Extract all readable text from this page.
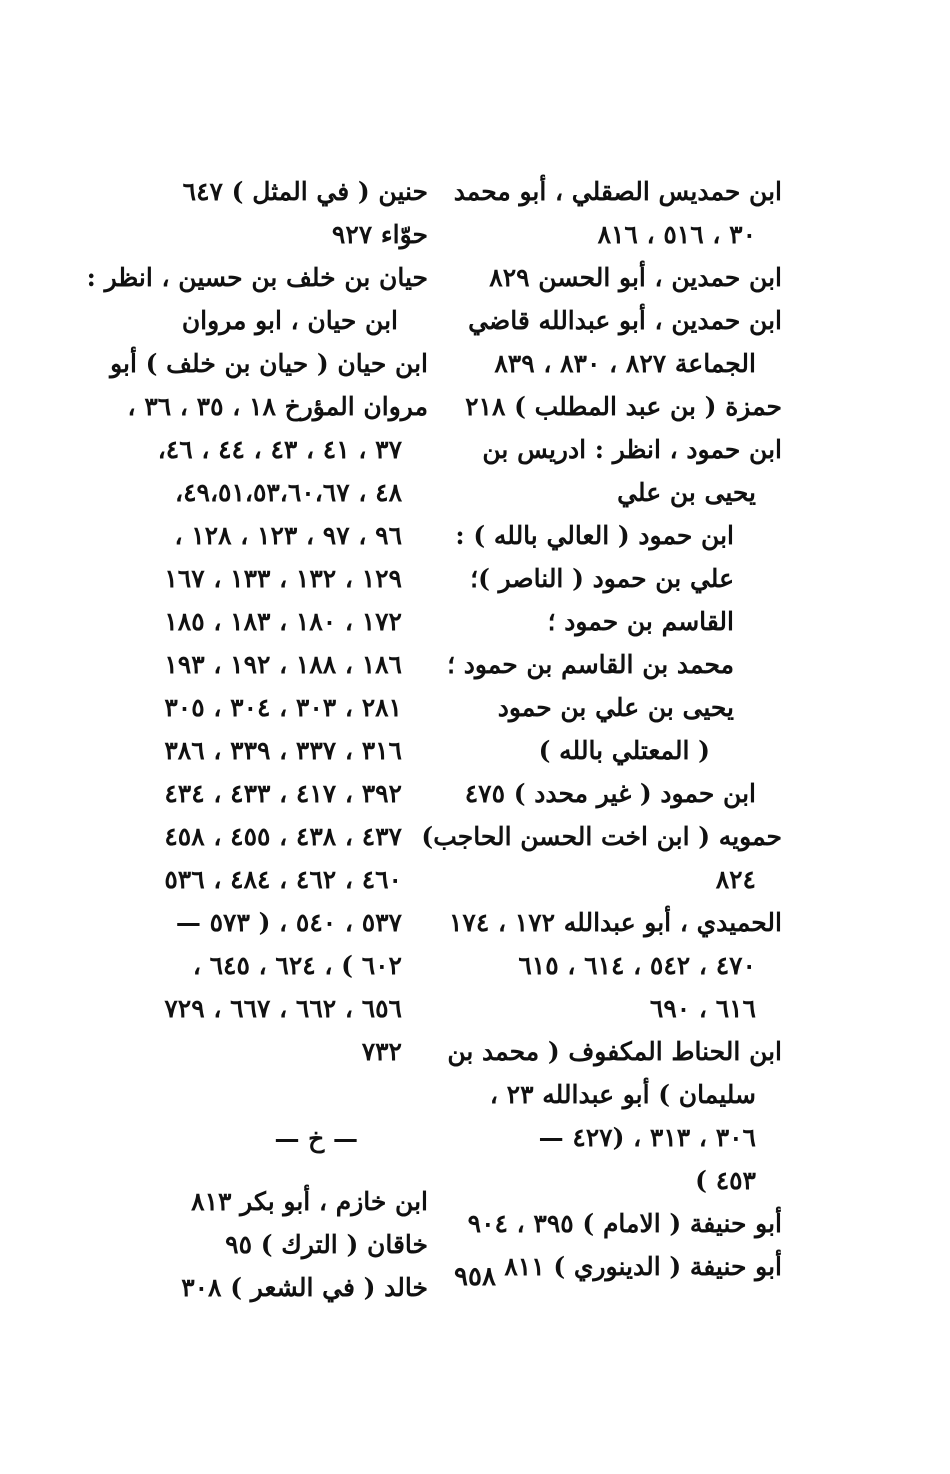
ابن حمديس الصقلي ، أبو محمد
٣٠ ، ٥١٦ ، ٨١٦
ابن حمدين ، أبو الحسن ٨٢٩
ابن حمدين ، أبو عبدالله قاضي
الجماعة ٨٢٧ ، ٨٣٠ ، ٨٣٩
حمزة ( بن عبد المطلب ) ٢١٨
ابن حمود ، انظر : ادريس بن
يحيى بن علي
ابن حمود ( العالي بالله ) :
علي بن حمود ( الناصر )؛
القاسم بن حمود ؛
محمد بن القاسم بن حمود ؛
يحيى بن علي بن حمود
( المعتلي بالله )
ابن حمود ( غير محدد ) ٤٧٥
حمويه ( ابن اخت الحسن الحاجب)
٨٢٤
الحميدي ، أبو عبدالله ١٧٢ ، ١٧٤
٤٧٠ ، ٥٤٢ ، ٦١٤ ، ٦١٥
٦١٦ ، ٦٩٠
ابن الحناط المكفوف ( محمد بن
سليمان ) أبو عبدالله ٢٣ ،
٣٠٦ ، ٣١٣ ، (٤٢٧ —
٤٥٣ )
أبو حنيفة ( الامام ) ٣٩٥ ، ٩٠٤
أبو حنيفة ( الدينوري ) ٨١١
حنين ( في المثل ) ٦٤٧
حوّاء ٩٢٧
حيان بن خلف بن حسين ، انظر :
ابن حيان ، ابو مروان
ابن حيان ( حيان بن خلف ) أبو
مروان المؤرخ ١٨ ، ٣٥ ، ٣٦ ،
٣٧ ، ٤١ ، ٤٣ ، ٤٤ ، ٤٦،
٤٨ ، ٤٩،٥١،٥٣،٦٠،٦٧،
٩٦ ، ٩٧ ، ١٢٣ ، ١٢٨ ،
١٢٩ ، ١٣٢ ، ١٣٣ ، ١٦٧
١٧٢ ، ١٨٠ ، ١٨٣ ، ١٨٥
١٨٦ ، ١٨٨ ، ١٩٢ ، ١٩٣
٢٨١ ، ٣٠٣ ، ٣٠٤ ، ٣٠٥
٣١٦ ، ٣٣٧ ، ٣٣٩ ، ٣٨٦
٣٩٢ ، ٤١٧ ، ٤٣٣ ، ٤٣٤
٤٣٧ ، ٤٣٨ ، ٤٥٥ ، ٤٥٨
٤٦٠ ، ٤٦٢ ، ٤٨٤ ، ٥٣٦
٥٣٧ ، ٥٤٠ ، ( ٥٧٣ —
٦٠٢ ) ، ٦٢٤ ، ٦٤٥ ،
٦٥٦ ، ٦٦٢ ، ٦٦٧ ، ٧٢٩
٧٣٢
— خ —
ابن خازم ، أبو بكر ٨١٣
خاقان ( الترك ) ٩٥
خالد ( في الشعر ) ٣٠٨	٩٥٨
